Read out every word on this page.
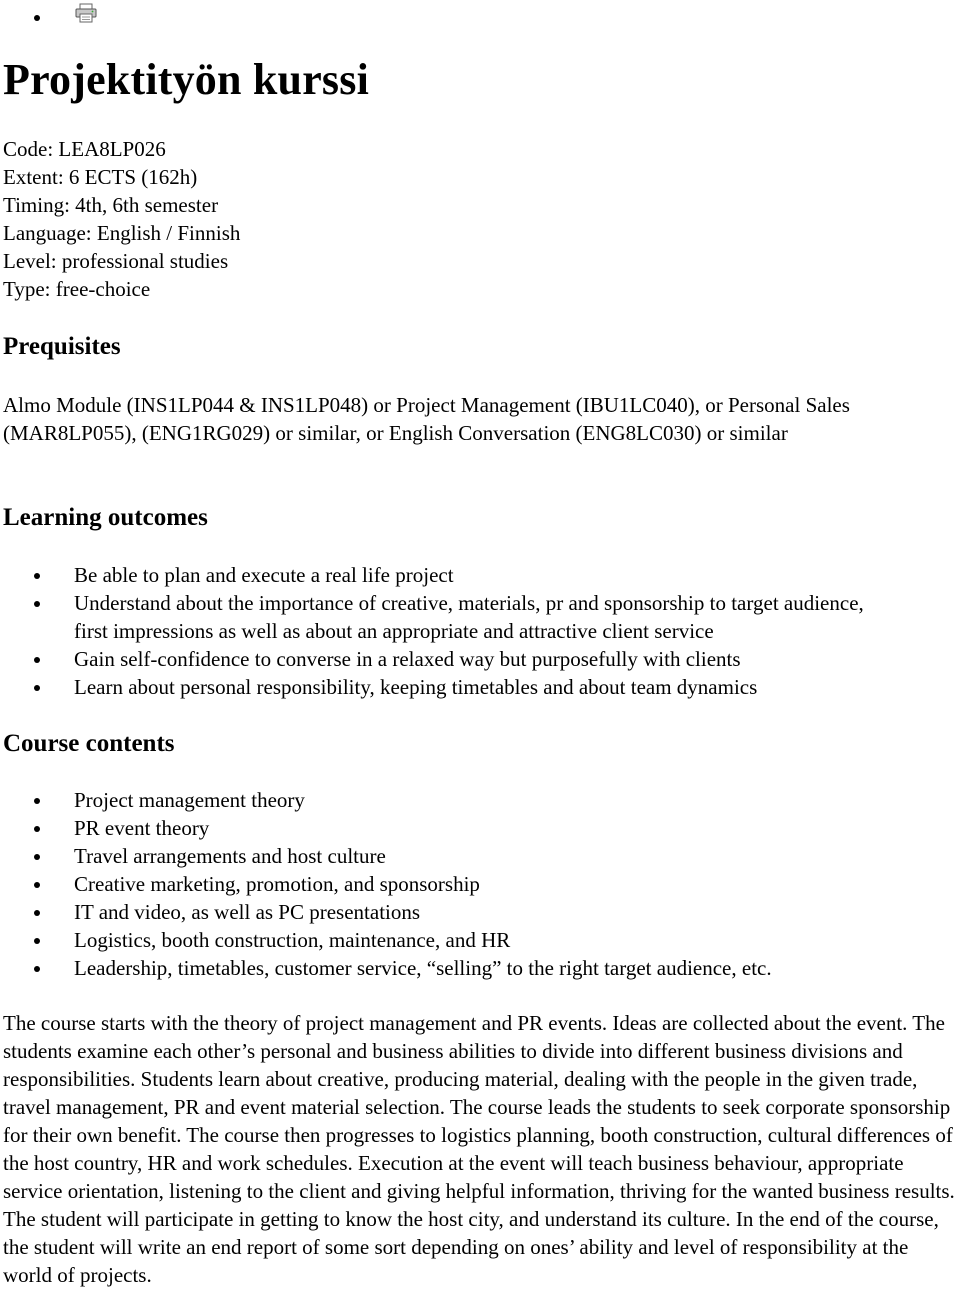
Projektityön kurssi
Code: LEA8LP026
Extent: 6 ECTS (162h)
Timing: 4th, 6th semester
Language: English / Finnish
Level: professional studies
Type: free-choice
Prequisites

Almo Module (INS1LP044 & INS1LP048) or Project Management (IBU1LC040), or Personal Sales (MAR8LP055), (ENG1RG029) or similar, or English Conversation (ENG8LC030) or similar

Learning outcomes
Be able to plan and execute a real life project
Understand about the importance of creative, materials, pr and sponsorship to target audience, first impressions as well as about an appropriate and attractive client service
Gain self-confidence to converse in a relaxed way but purposefully with clients
Learn about personal responsibility, keeping timetables and about team dynamics
Course contents
Project management theory
PR event theory
Travel arrangements and host culture
Creative marketing, promotion, and sponsorship
IT and video, as well as PC presentations
Logistics, booth construction, maintenance, and HR
Leadership, timetables, customer service, “selling” to the right target audience, etc.

The course starts with the theory of project management and PR events. Ideas are collected about the event. The students examine each other’s personal and business abilities to divide into different business divisions and responsibilities. Students learn about creative, producing material, dealing with the people in the given trade, travel management, PR and event material selection. The course leads the students to seek corporate sponsorship for their own benefit. The course then progresses to logistics planning, booth construction, cultural differences of the host country, HR and work schedules. Execution at the event will teach business behaviour, appropriate service orientation, listening to the client and giving helpful information, thriving for the wanted business results. The student will participate in getting to know the host city, and understand its culture. In the end of the course, the student will write an end report of some sort depending on ones’ ability and level of responsibility at the world of projects.
